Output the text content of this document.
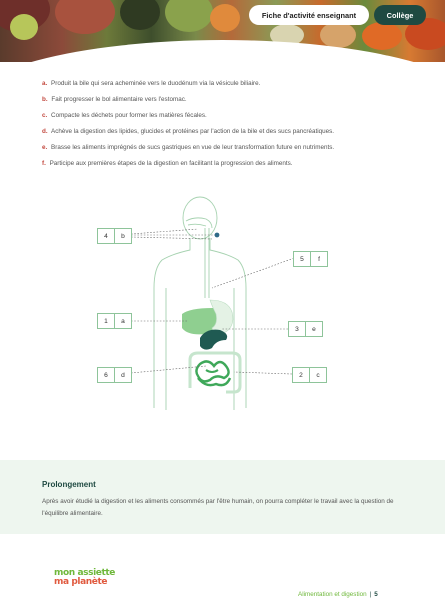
Fiche d'activité enseignant	Collège
a. Produit la bile qui sera acheminée vers le duodénum via la vésicule biliaire.
b. Fait progresser le bol alimentaire vers l'estomac.
c. Compacte les déchets pour former les matières fécales.
d. Achève la digestion des lipides, glucides et protéines par l'action de la bile et des sucs pancréatiques.
e. Brasse les aliments imprégnés de sucs gastriques en vue de leur transformation future en nutriments.
f. Participe aux premières étapes de la digestion en facilitant la progression des aliments.
4	b
5	f
1	a
3	e
6	d	2	c
Prolongement
Après avoir étudié la digestion et les aliments consommés par l'être humain, on pourra compléter le travail avec la question de l'équilibre alimentaire.
mon assiette
ma planète
Alimentation et digestion | 5
